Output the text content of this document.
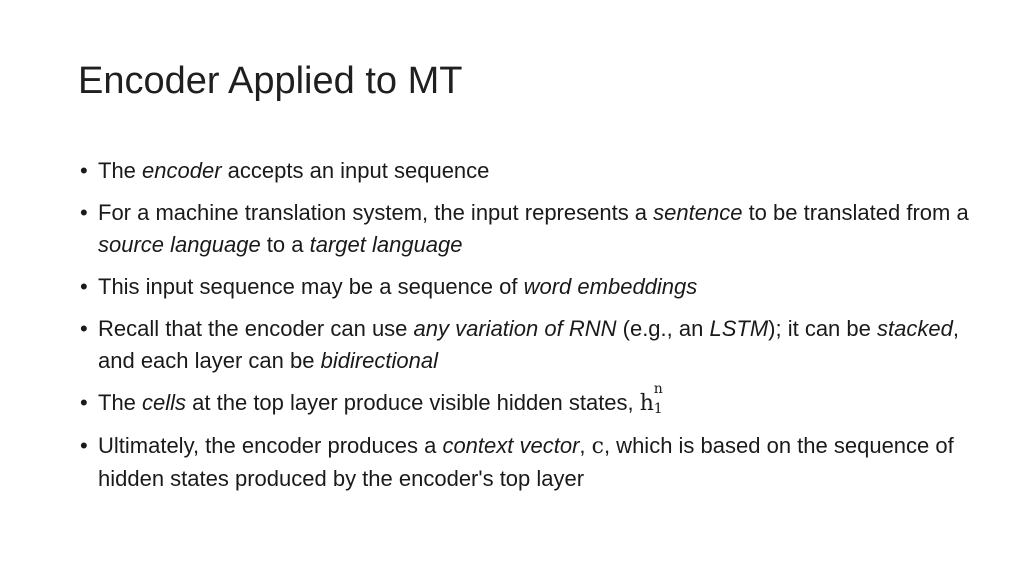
Encoder Applied to MT
• The encoder accepts an input sequence
• For a machine translation system, the input represents a sentence to be translated from a source language to a target language
• This input sequence may be a sequence of word embeddings
• Recall that the encoder can use any variation of RNN (e.g., an LSTM); it can be stacked, and each layer can be bidirectional
• The cells at the top layer produce visible hidden states, h
n
1
• Ultimately, the encoder produces a context vector, c, which is based on the sequence of hidden states produced by the encoder's top layer
